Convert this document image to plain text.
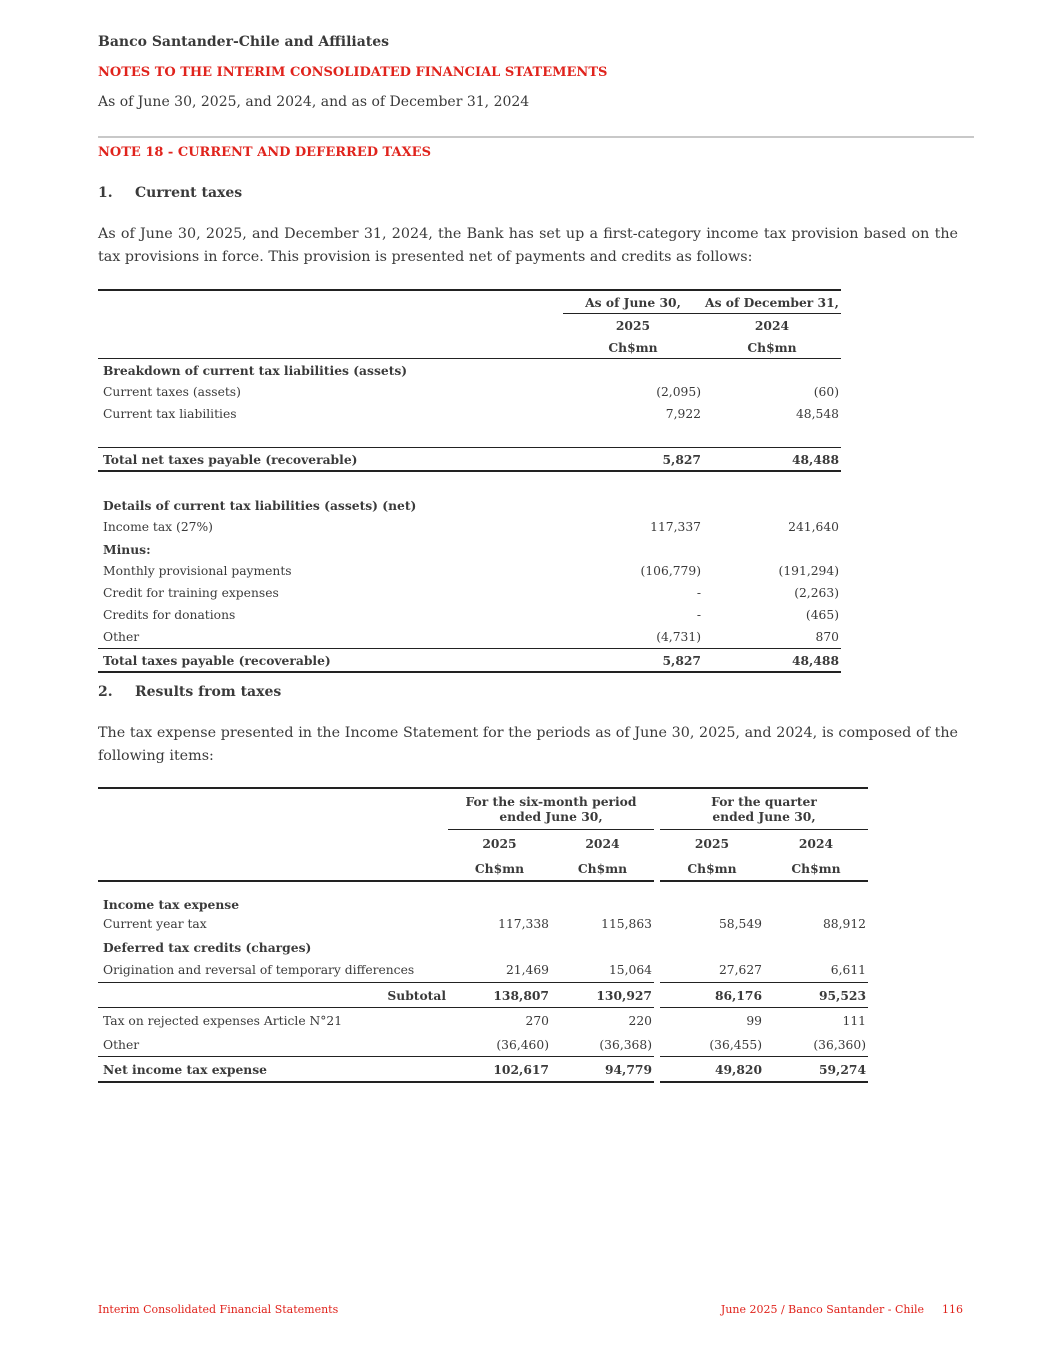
Banco Santander-Chile and Affiliates
NOTES TO THE INTERIM CONSOLIDATED FINANCIAL STATEMENTS
As of June 30, 2025, and 2024, and as of December 31, 2024
NOTE 18 - CURRENT AND DEFERRED TAXES
1. Current taxes
As of June 30, 2025, and December 31, 2024, the Bank has set up a first-category income tax provision based on the tax provisions in force. This provision is presented net of payments and credits as follows:
	As of June 30,	As of December 31,
	2025	2024
	Ch$mn	Ch$mn
Breakdown of current tax liabilities (assets)		
Current taxes (assets)	(2,095)	(60)
Current tax liabilities	7,922	48,548

Total net taxes payable (recoverable)	5,827	48,488

Details of current tax liabilities (assets) (net)		
Income tax (27%)	117,337	241,640
Minus:		
Monthly provisional payments	(106,779)	(191,294)
Credit for training expenses	-	(2,263)
Credits for donations	-	(465)
Other	(4,731)	870
Total taxes payable (recoverable)	5,827	48,488
2. Results from taxes
The tax expense presented in the Income Statement for the periods as of June 30, 2025, and 2024, is composed of the following items:
	For the six-month period
ended June 30,			For the quarter
ended June 30,	
	2025	2024		2025	2024
	Ch$mn	Ch$mn		Ch$mn	Ch$mn
Income tax expense					
Current year tax	117,338	115,863		58,549	88,912
Deferred tax credits (charges)					
Origination and reversal of temporary differences	21,469	15,064		27,627	6,611
Subtotal	138,807	130,927		86,176	95,523
Tax on rejected expenses Article N°21	270	220		99	111
Other	(36,460)	(36,368)		(36,455)	(36,360)
Net income tax expense	102,617	94,779		49,820	59,274
Interim Consolidated Financial Statements	June 2025 / Banco Santander - Chile 116
